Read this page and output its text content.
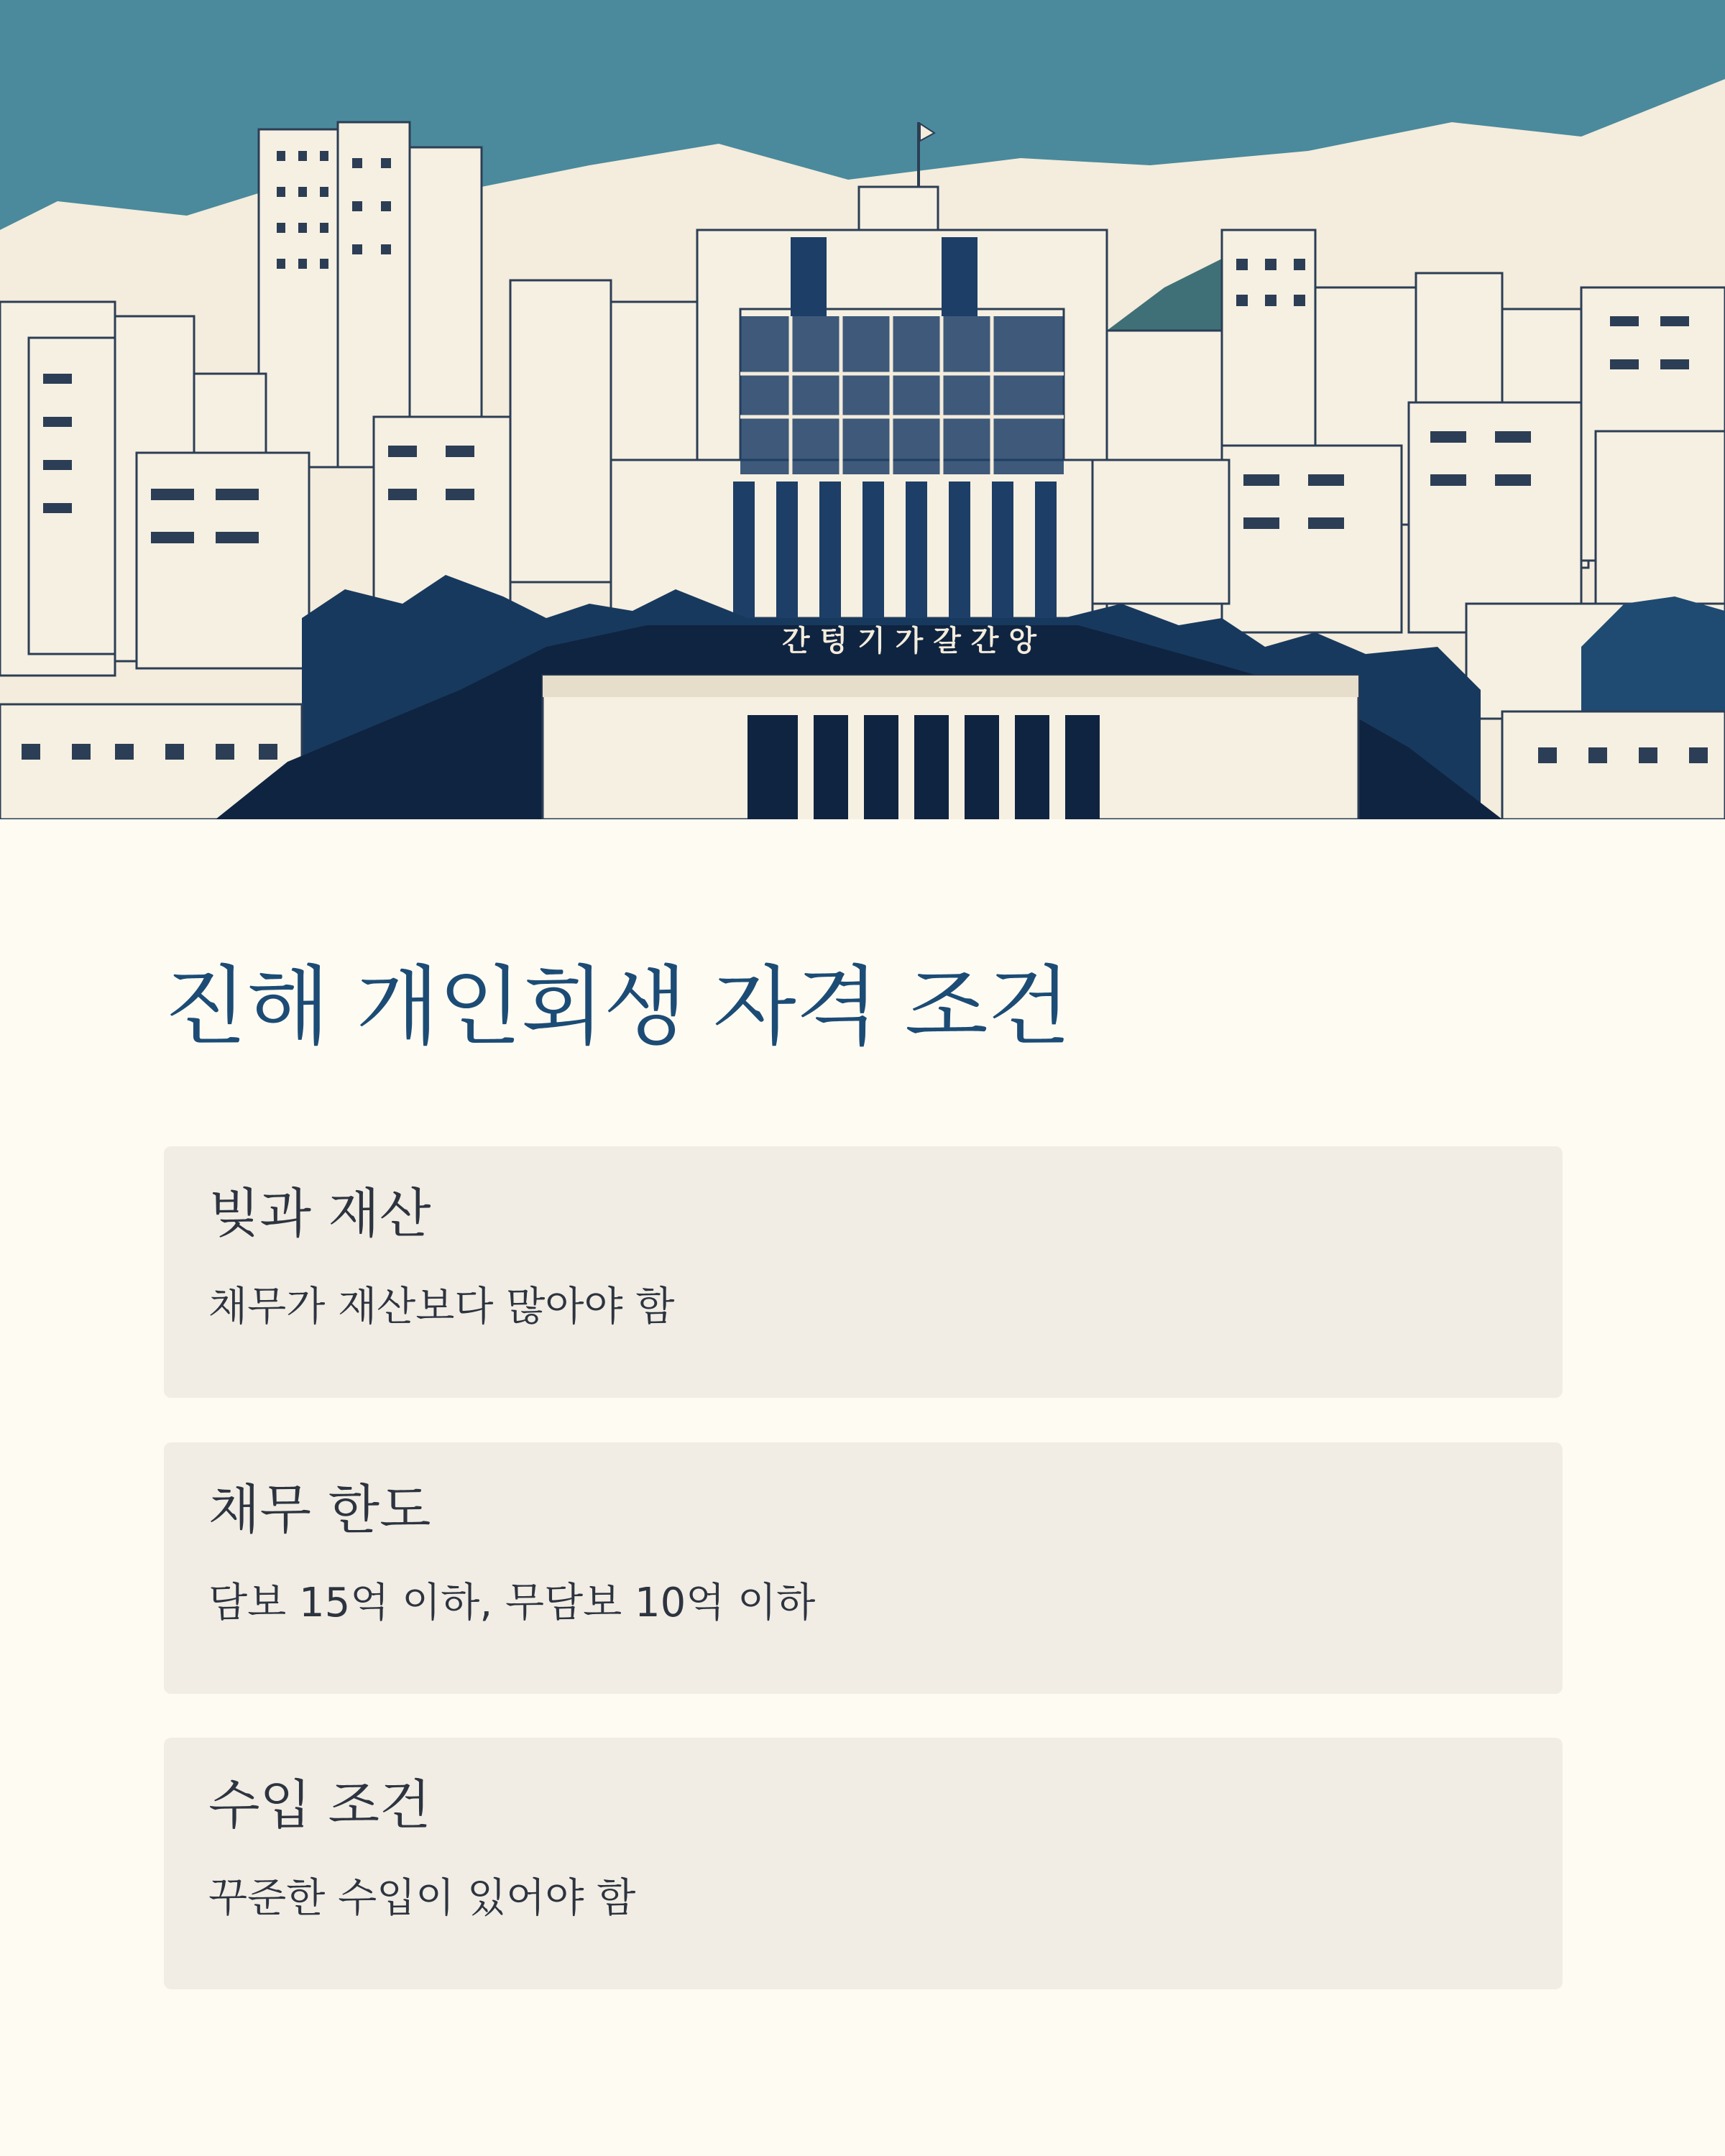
간 텅 기 가 갈 간 앙
진해 개인회생 자격 조건
빚과 재산
채무가 재산보다 많아야 함
채무 한도
담보 15억 이하, 무담보 10억 이하
수입 조건
꾸준한 수입이 있어야 함
